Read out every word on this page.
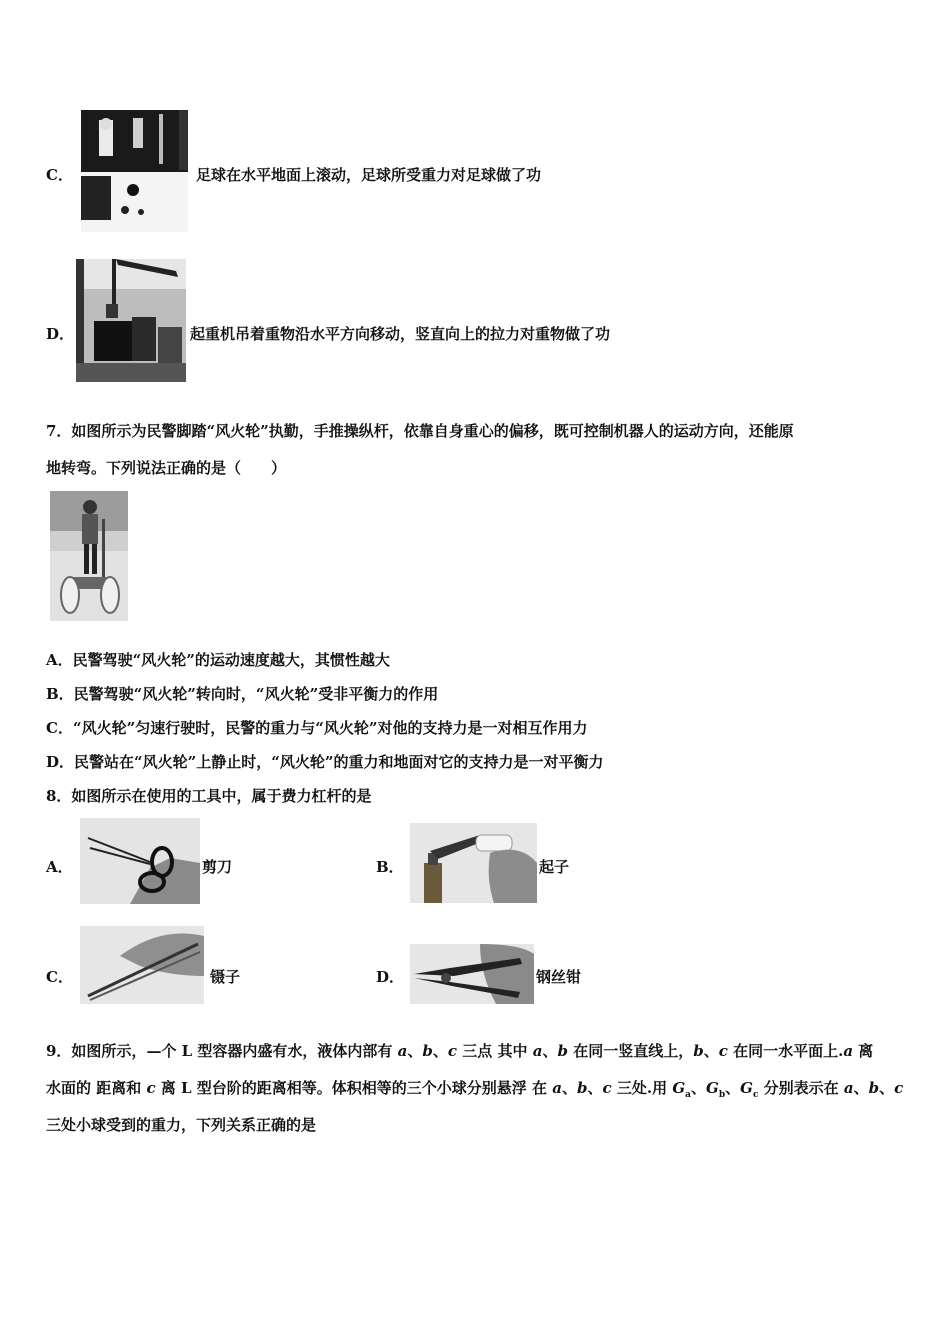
C．	足球在水平地面上滚动，足球所受重力对足球做了功
D．	起重机吊着重物沿水平方向移动，竖直向上的拉力对重物做了功
7．如图所示为民警脚踏“风火轮”执勤，手推操纵杆，依靠自身重心的偏移，既可控制机器人的运动方向，还能原
地转弯。下列说法正确的是（　　）
A．民警驾驶“风火轮”的运动速度越大，其惯性越大
B．民警驾驶“风火轮”转向时，“风火轮”受非平衡力的作用
C．“风火轮”匀速行驶时，民警的重力与“风火轮”对他的支持力是一对相互作用力
D．民警站在“风火轮”上静止时，“风火轮”的重力和地面对它的支持力是一对平衡力
8．如图所示在使用的工具中，属于费力杠杆的是
A．	剪刀	B．	起子
C．	镊子	D．	钢丝钳
9．如图所示，—个 L 型容器内盛有水，液体内部有 a、b、c 三点 其中 a、b 在同一竖直线上，b、c 在同一水平面上.a 离
水面的 距离和 c 离 L 型台阶的距离相等。体积相等的三个小球分别悬浮 在 a、b、c 三处.用 $G_a$、$G_b$、$G_c$ 分别表示在 a、b、c
三处小球受到的重力，下列关系正确的是
